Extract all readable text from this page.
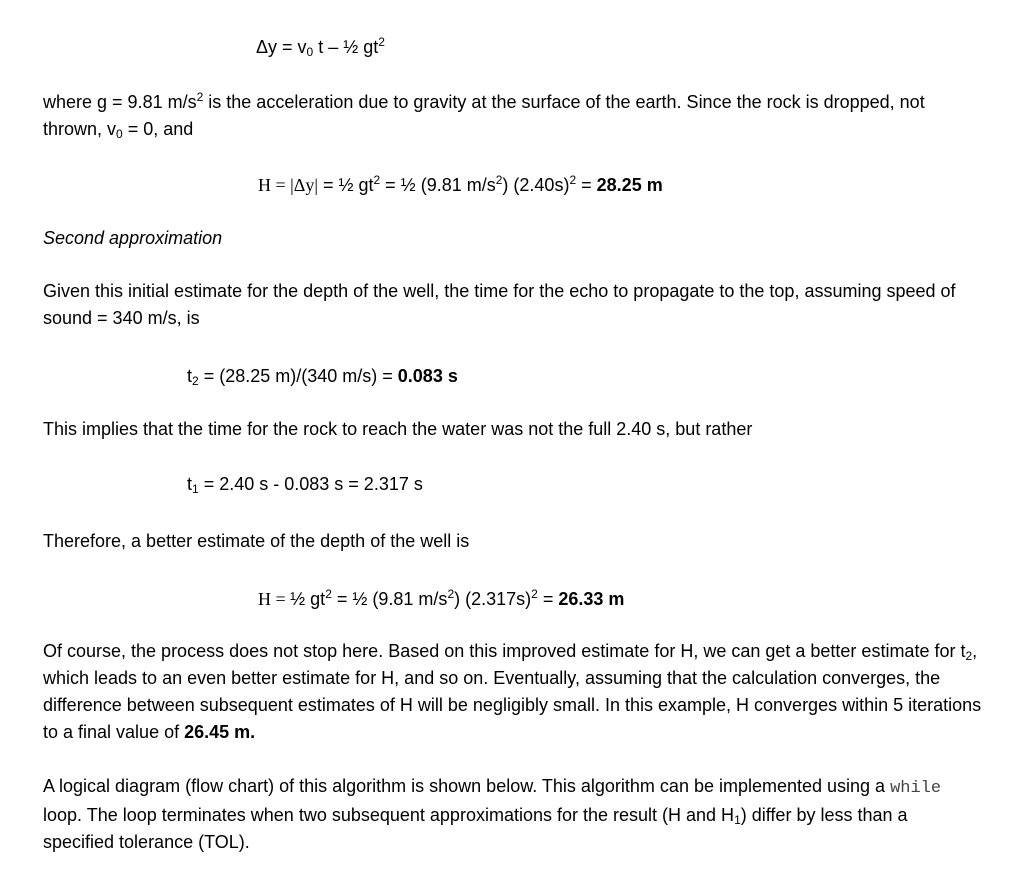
$\Delta y = v_0$ t – ½ $gt^2$
where g = 9.81 $m/s^2$ is the acceleration due to gravity at the surface of the earth. Since the rock is dropped, not thrown, $v_0 = 0$, and
H = |Δy| = ½ $gt^2$ = ½ (9.81 $m/s^2$) $(2.40s)^2 = 28.25$ m
Second approximation
Given this initial estimate for the depth of the well, the time for the echo to propagate to the top, assuming speed of sound = 340 m/s, is
$t_2 = (28.25$ m)/(340 m/s) = 0.083 s
This implies that the time for the rock to reach the water was not the full 2.40 s, but rather
$t_1 = 2.40$ s - 0.083 s = 2.317 s
Therefore, a better estimate of the depth of the well is
H = ½ $gt^2$ = ½ (9.81 $m/s^2$) $(2.317s)^2 = 26.33$ m
Of course, the process does not stop here. Based on this improved estimate for H, we can get a better estimate for $t_2$, which leads to an even better estimate for H, and so on. Eventually, assuming that the calculation converges, the difference between subsequent estimates of H will be negligibly small. In this example, H converges within 5 iterations to a final value of 26.45 m.
A logical diagram (flow chart) of this algorithm is shown below. This algorithm can be implemented using a while loop. The loop terminates when two subsequent approximations for the result (H and $H_1$) differ by less than a specified tolerance (TOL).
